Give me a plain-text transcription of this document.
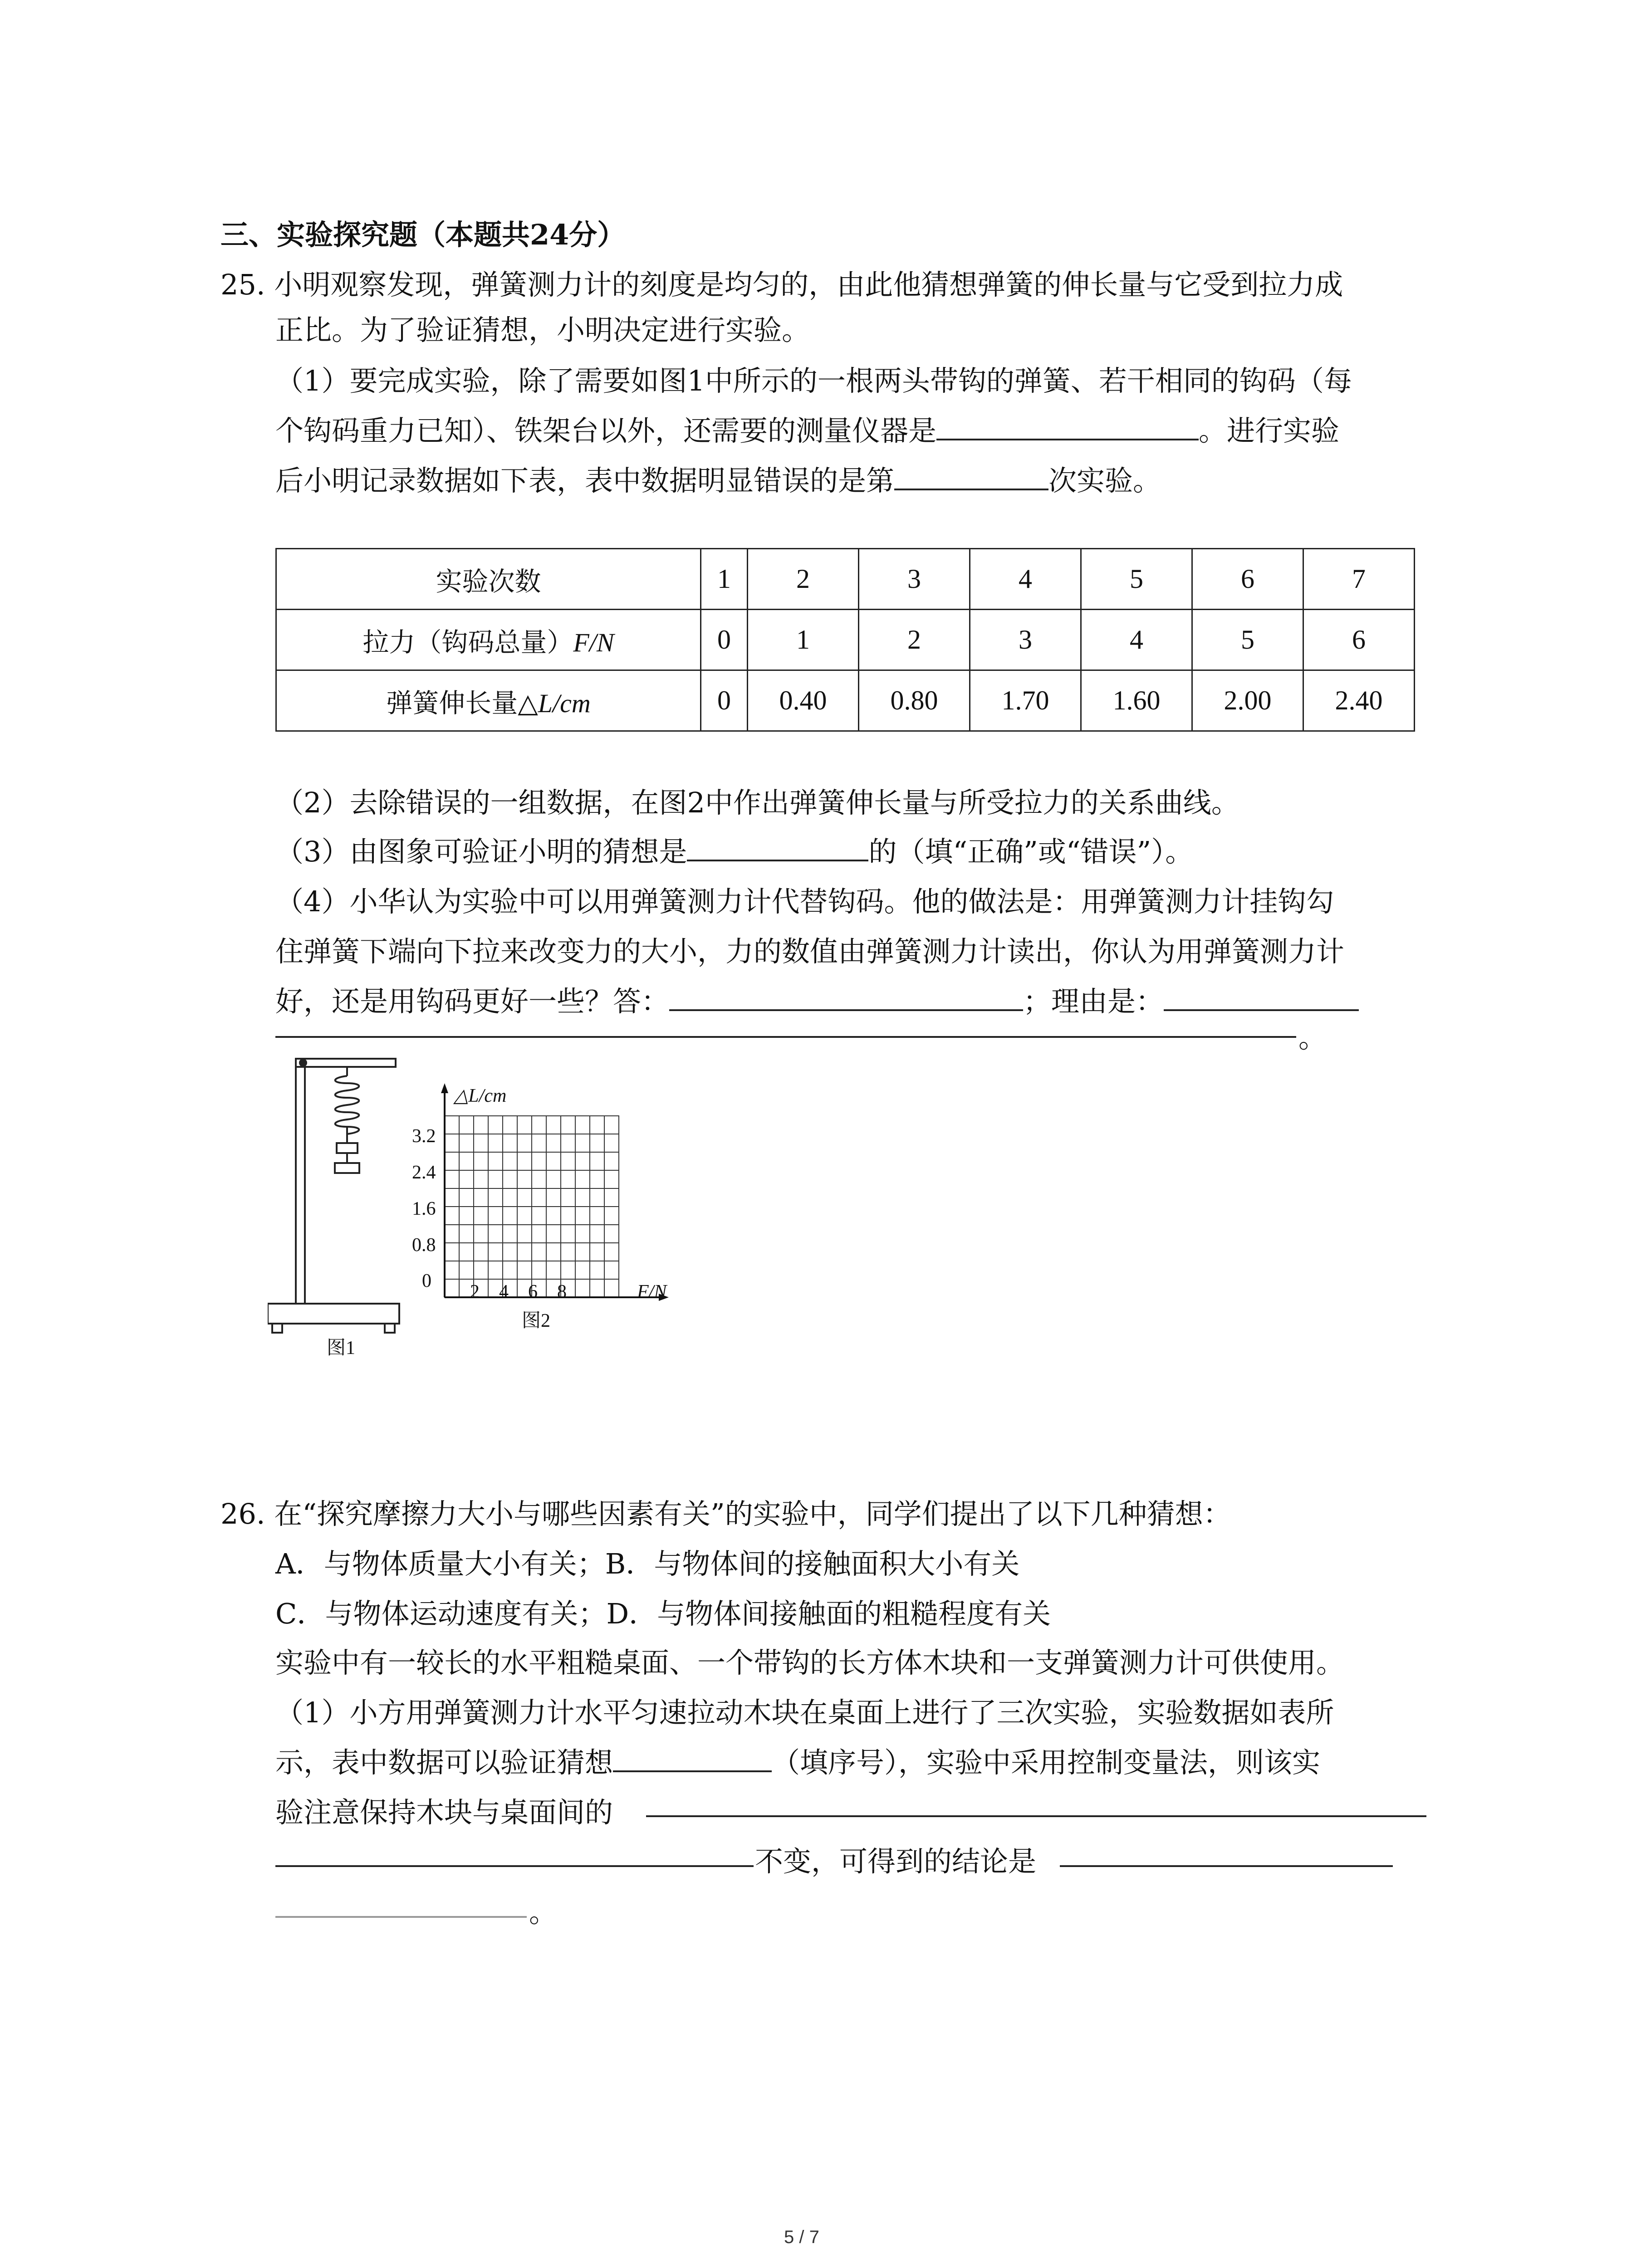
三、实验探究题（本题共24分）
25. 小明观察发现，弹簧测力计的刻度是均匀的，由此他猜想弹簧的伸长量与它受到拉力成
正比。为了验证猜想，小明决定进行实验。
（1）要完成实验，除了需要如图1中所示的一根两头带钩的弹簧、若干相同的钩码（每
个钩码重力已知）、铁架台以外，还需要的测量仪器是	。进行实验
后小明记录数据如下表，表中数据明显错误的是第	次实验。
实验次数	1	2	3	4	5	6	7
拉力（钩码总量）F/N	0	1	2	3	4	5	6
弹簧伸长量△L/cm	0	0.40	0.80	1.70	1.60	2.00	2.40
（2）去除错误的一组数据，在图2中作出弹簧伸长量与所受拉力的关系曲线。
（3）由图象可验证小明的猜想是	的（填“正确”或“错误”）。
（4）小华认为实验中可以用弹簧测力计代替钩码。他的做法是：用弹簧测力计挂钩勾
住弹簧下端向下拉来改变力的大小，力的数值由弹簧测力计读出，你认为用弹簧测力计
好，还是用钩码更好一些？答：	；理由是：
。
图1
△L/cm
3.2
2.4
1.6
0.8
0
2 4 6 8	F/N
图2
26. 在“探究摩擦力大小与哪些因素有关”的实验中，同学们提出了以下几种猜想：
A．与物体质量大小有关；B．与物体间的接触面积大小有关
C．与物体运动速度有关；D．与物体间接触面的粗糙程度有关
实验中有一较长的水平粗糙桌面、一个带钩的长方体木块和一支弹簧测力计可供使用。
（1）小方用弹簧测力计水平匀速拉动木块在桌面上进行了三次实验，实验数据如表所
示，表中数据可以验证猜想	（填序号），实验中采用控制变量法，则该实
验注意保持木块与桌面间的
不变，可得到的结论是
。
5 / 7
